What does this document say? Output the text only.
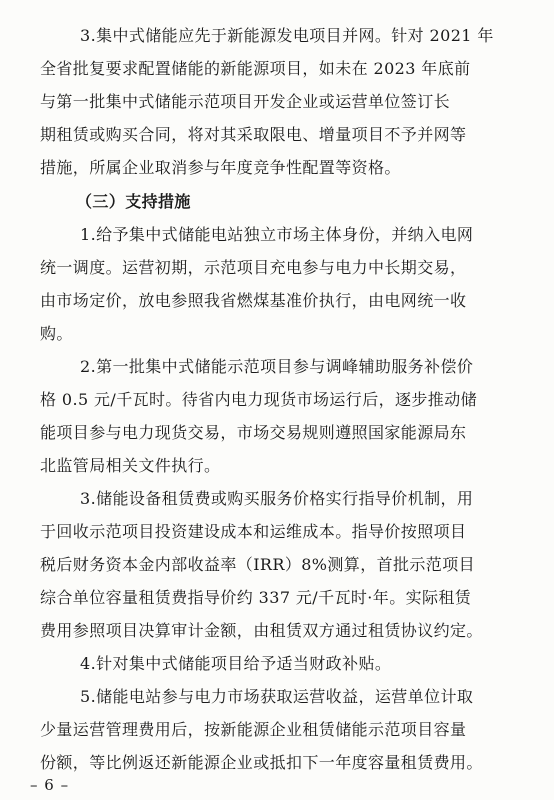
3.集中式储能应先于新能源发电项目并网。针对 2021 年
全省批复要求配置储能的新能源项目，如未在 2023 年底前
与第一批集中式储能示范项目开发企业或运营单位签订长
期租赁或购买合同，将对其采取限电、增量项目不予并网等
措施，所属企业取消参与年度竞争性配置等资格。
（三）支持措施
1.给予集中式储能电站独立市场主体身份，并纳入电网
统一调度。运营初期，示范项目充电参与电力中长期交易，
由市场定价，放电参照我省燃煤基准价执行，由电网统一收
购。
2.第一批集中式储能示范项目参与调峰辅助服务补偿价
格 0.5 元/千瓦时。待省内电力现货市场运行后，逐步推动储
能项目参与电力现货交易，市场交易规则遵照国家能源局东
北监管局相关文件执行。
3.储能设备租赁费或购买服务价格实行指导价机制，用
于回收示范项目投资建设成本和运维成本。指导价按照项目
税后财务资本金内部收益率（IRR）8%测算，首批示范项目
综合单位容量租赁费指导价约 337 元/千瓦时·年。实际租赁
费用参照项目决算审计金额，由租赁双方通过租赁协议约定。
4.针对集中式储能项目给予适当财政补贴。
5.储能电站参与电力市场获取运营收益，运营单位计取
少量运营管理费用后，按新能源企业租赁储能示范项目容量
份额，等比例返还新能源企业或抵扣下一年度容量租赁费用。
– 6 –
